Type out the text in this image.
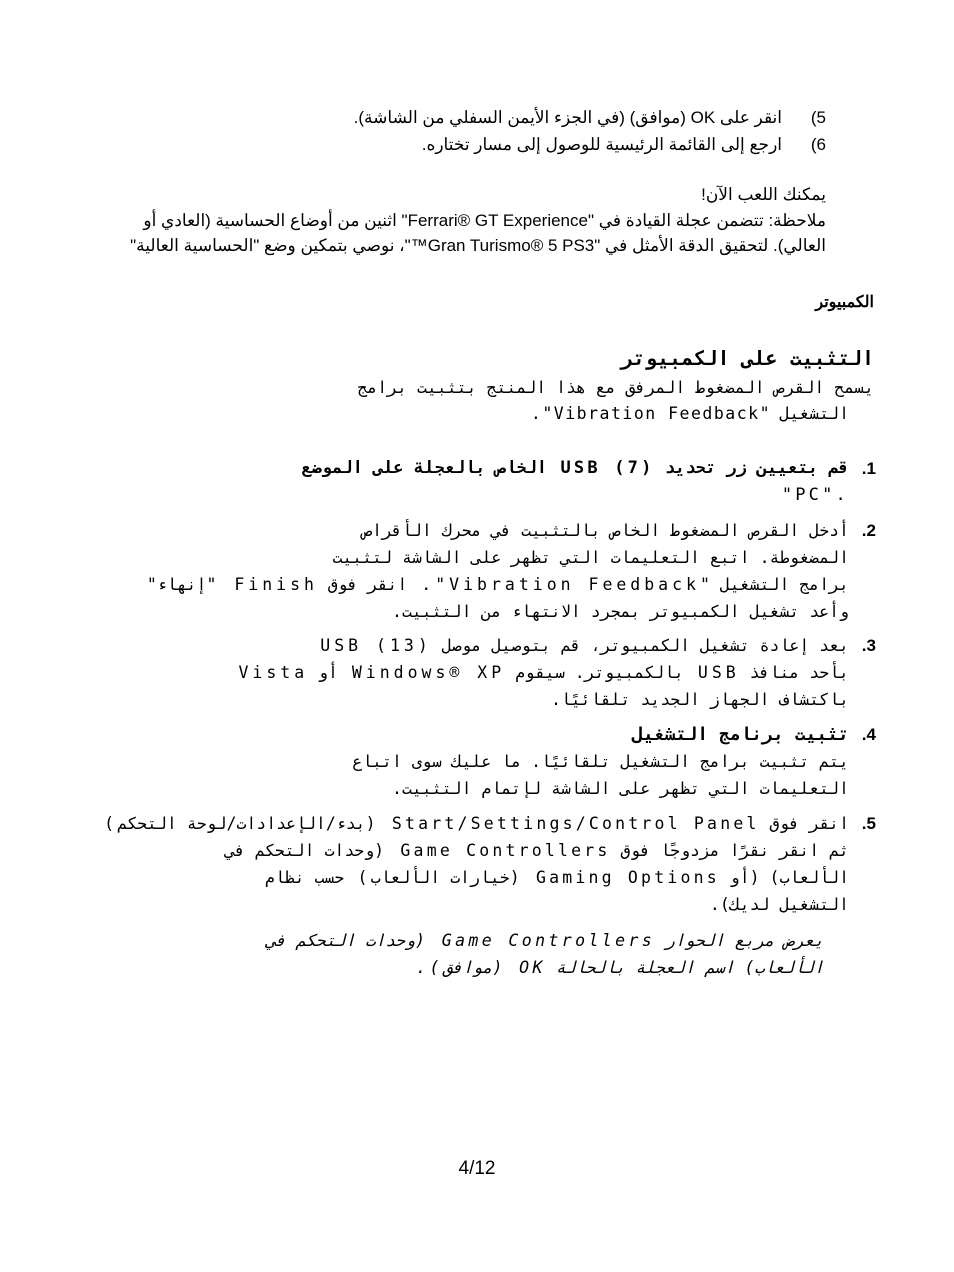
5)
انقر على OK (موافق) (في الجزء الأيمن السفلي من الشاشة).
6)
ارجع إلى القائمة الرئيسية للوصول إلى مسار تختاره.
يمكنك اللعب الآن!
ملاحظة: تتضمن عجلة القيادة في "Ferrari® GT Experience" اثنين من أوضاع الحساسية (العادي أو
العالي). لتحقيق الدقة الأمثل في "Gran Turismo® 5 PS3™"، نوصي بتمكين وضع "الحساسية العالية"
الكمبيوتر
التثبيت على الكمبيوتر
يسمح القرص المضغوط المرفق مع هذا المنتج بتثبيت برامج
التشغيل "Vibration Feedback".
1.
قم بتعيين زر تحديد USB (7) الخاص بالعجلة على الموضع
."PC"
2.
أدخل القرص المضغوط الخاص بالتثبيت في محرك الأقراص
المضغوطة. اتبع التعليمات التي تظهر على الشاشة لتثبيت
برامج التشغيل "Vibration Feedback". انقر فوق Finish "إنهاء"
وأعد تشغيل الكمبيوتر بمجرد الانتهاء من التثبيت.
3.
بعد إعادة تشغيل الكمبيوتر، قم بتوصيل موصل USB (13)
بأحد منافذ USB بالكمبيوتر. سيقوم Windows® XP أو Vista
باكتشاف الجهاز الجديد تلقائيًا.
4.
تثبيت برنامج التشغيل
يتم تثبيت برامج التشغيل تلقائيًا. ما عليك سوى اتباع
التعليمات التي تظهر على الشاشة لإتمام التثبيت.
5.
انقر فوق Start/Settings/Control Panel (بدء/الإعدادات/لوحة التحكم)
ثم انقر نقرًا مزدوجًا فوق Game Controllers (وحدات التحكم في
الألعاب) (أو Gaming Options (خيارات الألعاب) حسب نظام
التشغيل لديك).
يعرض مربع الحوار Game Controllers (وحدات التحكم في
الألعاب) اسم العجلة بالحالة OK (موافق).
4/12
